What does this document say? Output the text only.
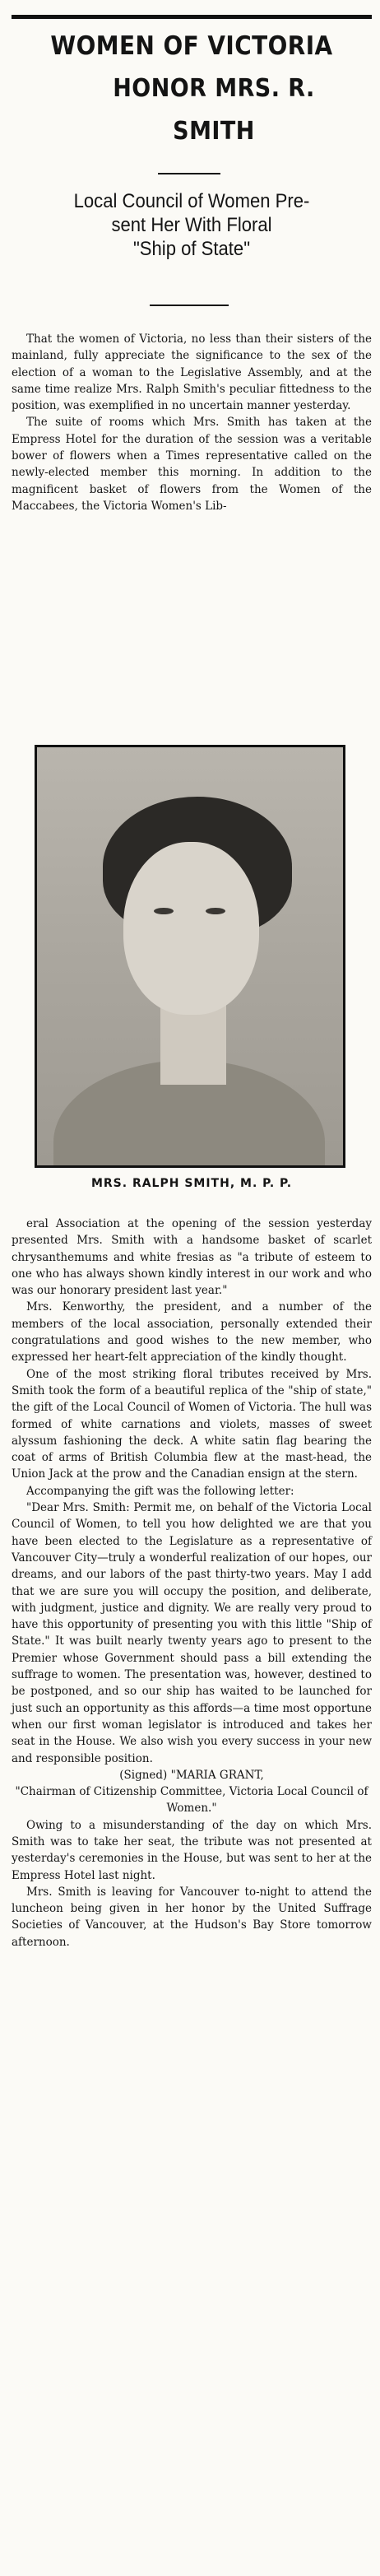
WOMEN OF VICTORIA
HONOR MRS. R. SMITH
Local Council of Women Pre-
sent Her With Floral
"Ship of State"

That the women of Victoria, no less than their sisters of the mainland, fully appreciate the significance to the sex of the election of a woman to the Legislative Assembly, and at the same time realize Mrs. Ralph Smith's peculiar fittedness to the position, was exemplified in no uncertain manner yesterday.

The suite of rooms which Mrs. Smith has taken at the Empress Hotel for the duration of the session was a veritable bower of flowers when a Times representative called on the newly-elected member this morning. In addition to the magnificent basket of flowers from the Women of the Maccabees, the Victoria Women's Lib-

MRS. RALPH SMITH, M. P. P.

eral Association at the opening of the session yesterday presented Mrs. Smith with a handsome basket of scarlet chrysanthemums and white fresias as "a tribute of esteem to one who has always shown kindly interest in our work and who was our honorary president last year."

Mrs. Kenworthy, the president, and a number of the members of the local association, personally extended their congratulations and good wishes to the new member, who expressed her heart-felt appreciation of the kindly thought.

One of the most striking floral tributes received by Mrs. Smith took the form of a beautiful replica of the "ship of state," the gift of the Local Council of Women of Victoria. The hull was formed of white carnations and violets, masses of sweet alyssum fashioning the deck. A white satin flag bearing the coat of arms of British Columbia flew at the mast-head, the Union Jack at the prow and the Canadian ensign at the stern.

Accompanying the gift was the following letter:

"Dear Mrs. Smith: Permit me, on behalf of the Victoria Local Council of Women, to tell you how delighted we are that you have been elected to the Legislature as a representative of Vancouver City—truly a wonderful realization of our hopes, our dreams, and our labors of the past thirty-two years. May I add that we are sure you will occupy the position, and deliberate, with judgment, justice and dignity. We are really very proud to have this opportunity of presenting you with this little "Ship of State." It was built nearly twenty years ago to present to the Premier whose Government should pass a bill extending the suffrage to women. The presentation was, however, destined to be postponed, and so our ship has waited to be launched for just such an opportunity as this affords—a time most opportune when our first woman legislator is introduced and takes her seat in the House. We also wish you every success in your new and responsible position.

(Signed) "MARIA GRANT,

"Chairman of Citizenship Committee, Victoria Local Council of Women."

Owing to a misunderstanding of the day on which Mrs. Smith was to take her seat, the tribute was not presented at yesterday's ceremonies in the House, but was sent to her at the Empress Hotel last night.

Mrs. Smith is leaving for Vancouver to-night to attend the luncheon being given in her honor by the United Suffrage Societies of Vancouver, at the Hudson's Bay Store tomorrow afternoon.
